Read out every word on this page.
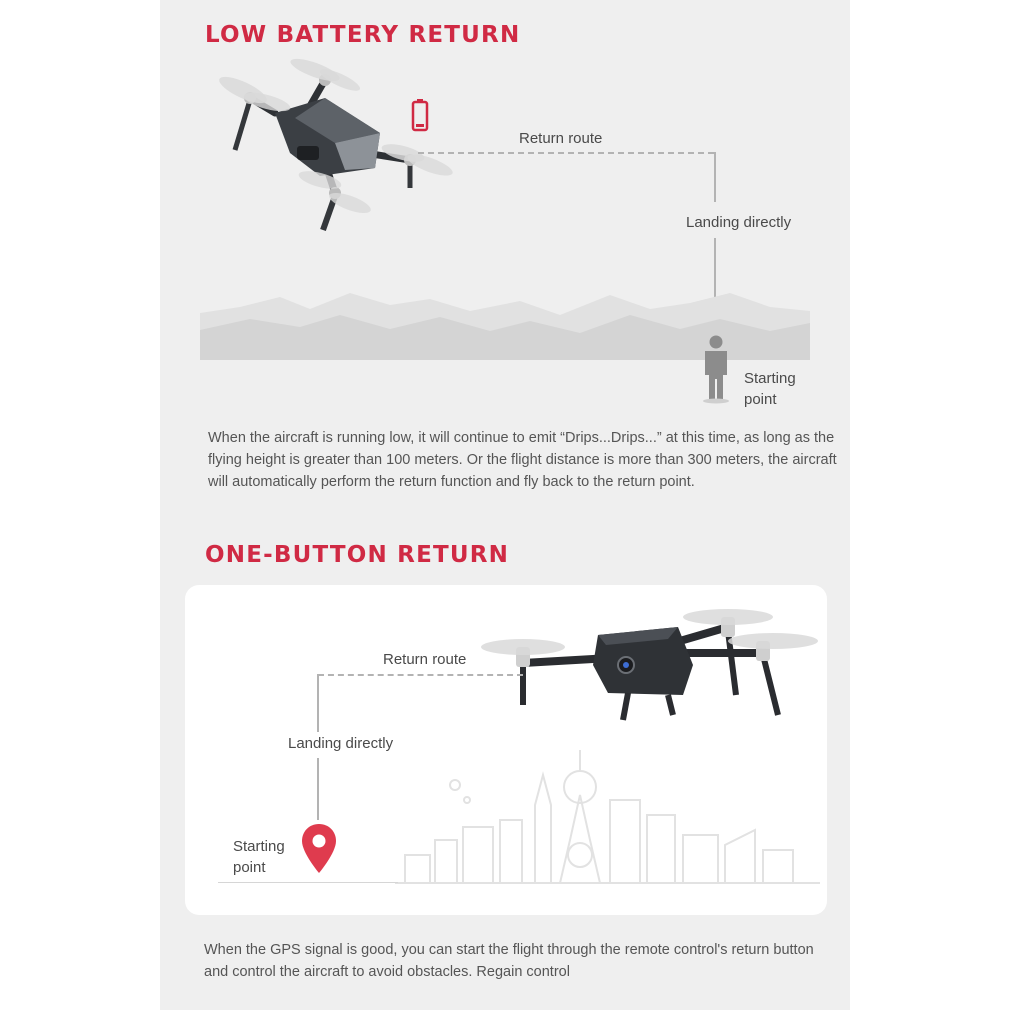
LOW BATTERY RETURN
Return route
Landing directly
Starting
point

When the aircraft is running low, it will continue to emit “Drips...Drips...” at this time, as long as the flying height is greater than 100 meters. Or the flight distance is more than 300 meters, the aircraft will automatically perform the return function and fly back to the return point.

ONE-BUTTON RETURN
Return route
Landing directly
Starting
point

When the GPS signal is good, you can start the flight through the remote control's return button and control the aircraft to avoid obstacles. Regain control
